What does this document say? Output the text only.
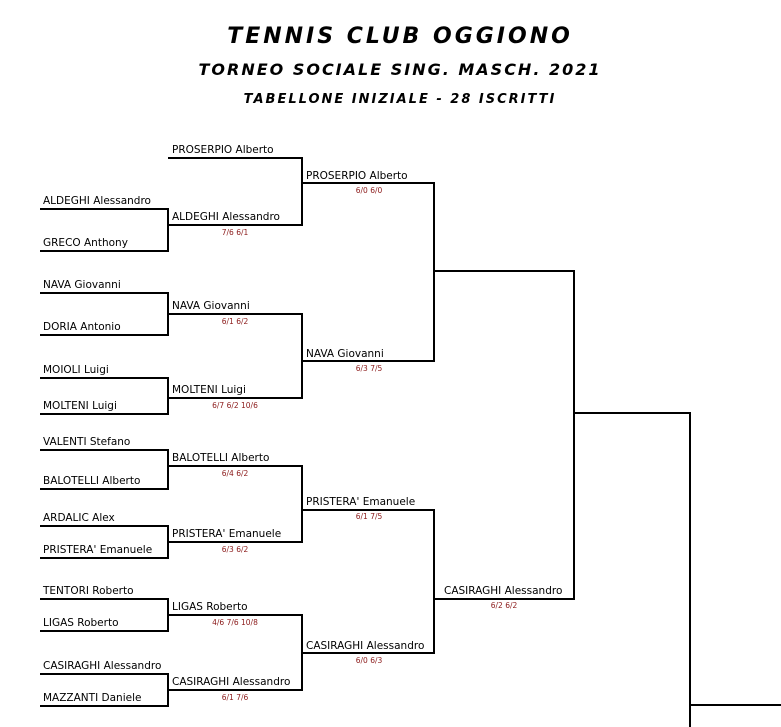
TENNIS CLUB OGGIONO
TORNEO SOCIALE SING. MASCH. 2021
TABELLONE INIZIALE - 28 ISCRITTI
PROSERPIO Alberto
ALDEGHI Alessandro
GRECO Anthony
NAVA Giovanni
DORIA Antonio
MOIOLI Luigi
MOLTENI Luigi
VALENTI Stefano
BALOTELLI Alberto
ARDALIC Alex
PRISTERA' Emanuele
TENTORI Roberto
LIGAS Roberto
CASIRAGHI Alessandro
MAZZANTI Daniele
ALDEGHI Alessandro
NAVA Giovanni
MOLTENI Luigi
BALOTELLI Alberto
PRISTERA' Emanuele
LIGAS Roberto
CASIRAGHI Alessandro
7/6 6/1
6/1 6/2
6/7 6/2 10/6
6/4 6/2
6/3 6/2
4/6 7/6 10/8
6/1 7/6
PROSERPIO Alberto
NAVA Giovanni
PRISTERA' Emanuele
CASIRAGHI Alessandro
6/0 6/0
6/3 7/5
6/1 7/5
6/0 6/3
CASIRAGHI Alessandro
6/2 6/2
